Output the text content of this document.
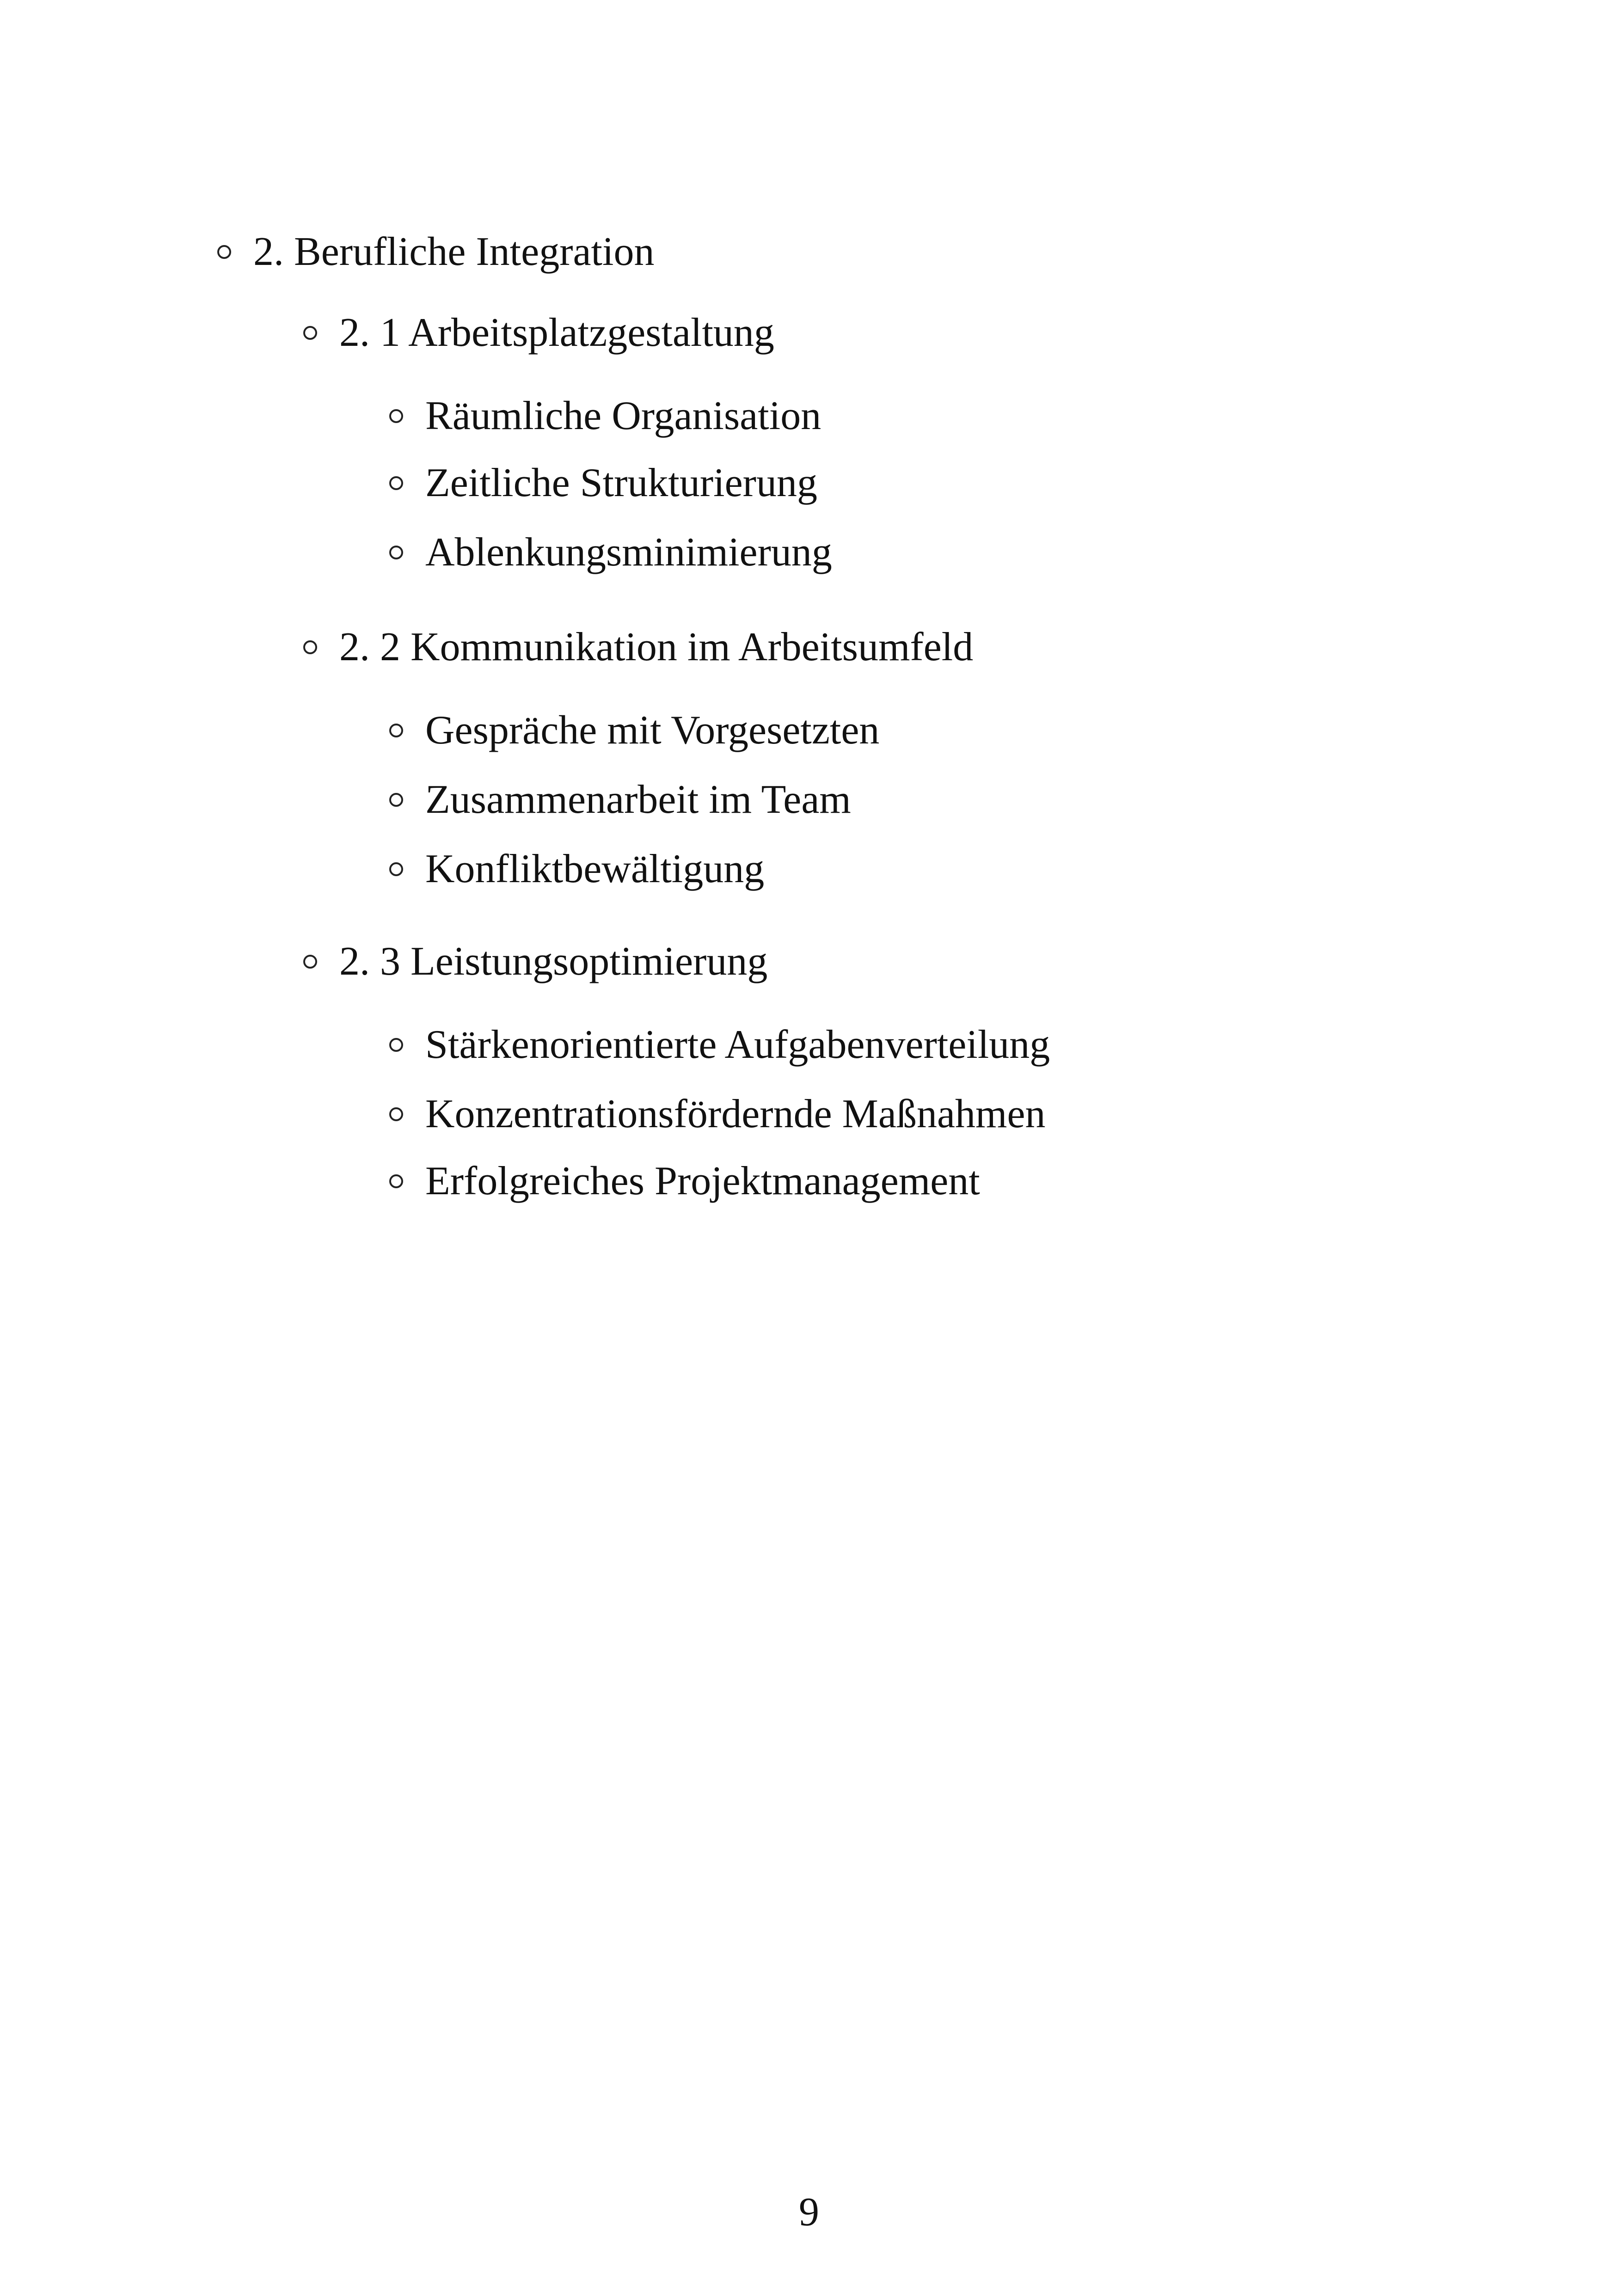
2. Berufliche Integration
2. 1 Arbeitsplatzgestaltung
Räumliche Organisation
Zeitliche Strukturierung
Ablenkungsminimierung
2. 2 Kommunikation im Arbeitsumfeld
Gespräche mit Vorgesetzten
Zusammenarbeit im Team
Konfliktbewältigung
2. 3 Leistungsoptimierung
Stärkenorientierte Aufgabenverteilung
Konzentrationsfördernde Maßnahmen
Erfolgreiches Projektmanagement
9
